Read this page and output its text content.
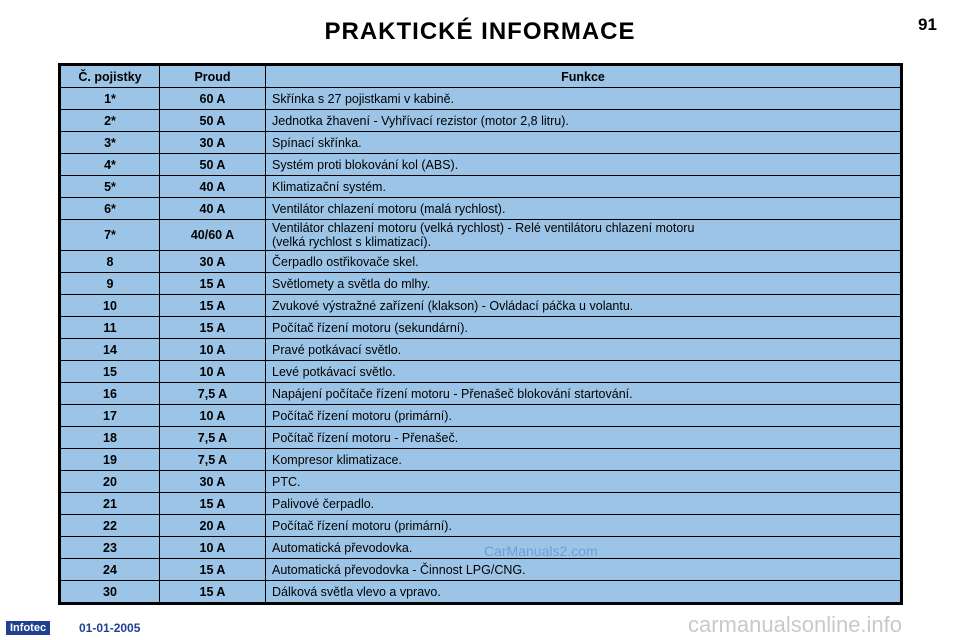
PRAKTICKÉ INFORMACE	91
Č. pojistky	Proud	Funkce
1*	60 A	Skřínka s 27 pojistkami v kabině.

2*	50 A	Jednotka žhavení - Vyhřívací rezistor (motor 2,8 litru).

3*	30 A	Spínací skřínka.

4*	50 A	Systém proti blokování kol (ABS).

5*	40 A	Klimatizační systém.

6*	40 A	Ventilátor chlazení motoru (malá rychlost).

7*	40/60 A	Ventilátor chlazení motoru (velká rychlost) - Relé ventilátoru chlazení motoru
(velká rychlost s klimatizací).

8	30 A	Čerpadlo ostřikovače skel.

9	15 A	Světlomety a světla do mlhy.

10	15 A	Zvukové výstražné zařízení (klakson) - Ovládací páčka u volantu.

11	15 A	Počítač řízení motoru (sekundární).

14	10 A	Pravé potkávací světlo.

15	10 A	Levé potkávací světlo.

16	7,5 A	Napájení počítače řízení motoru - Přenašeč blokování startování.

17	10 A	Počítač řízení motoru (primární).

18	7,5 A	Počítač řízení motoru - Přenašeč.

19	7,5 A	Kompresor klimatizace.

20	30 A	PTC.

21	15 A	Palivové čerpadlo.

22	20 A	Počítač řízení motoru (primární).

23	10 A	Automatická převodovka.

24	15 A	Automatická převodovka - Činnost LPG/CNG.

30	15 A	Dálková světla vlevo a vpravo.
CarManuals2.com
Infotec	01-01-2005	carmanualsonline.info
